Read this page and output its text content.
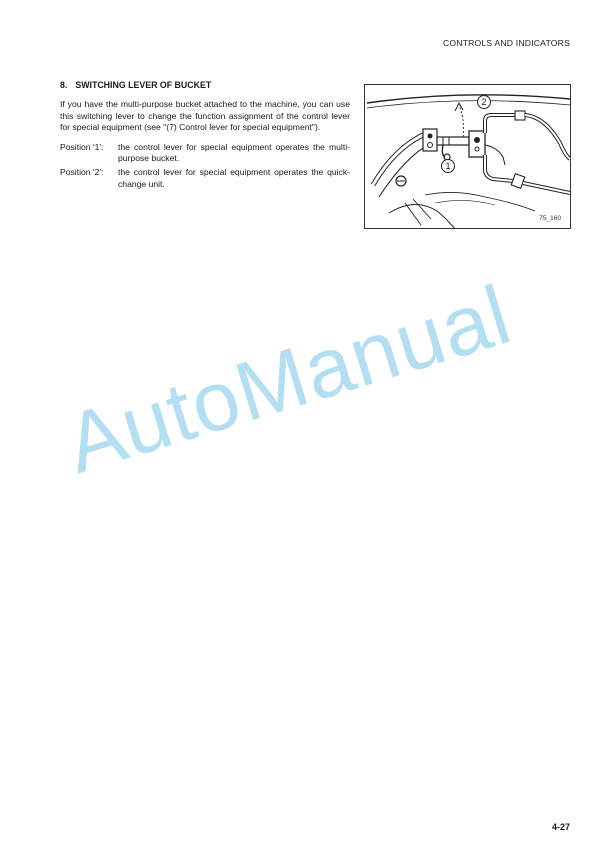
CONTROLS AND INDICATORS
8. SWITCHING LEVER OF BUCKET

If you have the multi-purpose bucket attached to the machine, you can use this switching lever to change the function assignment of the control lever for special equipment (see "(7) Control lever for special equipment").

Position '1':	the control lever for special equipment operates the multi-purpose bucket.
Position '2':	the control lever for special equipment operates the quick-change unit.
1
2
75_160
AutoManual
4-27
